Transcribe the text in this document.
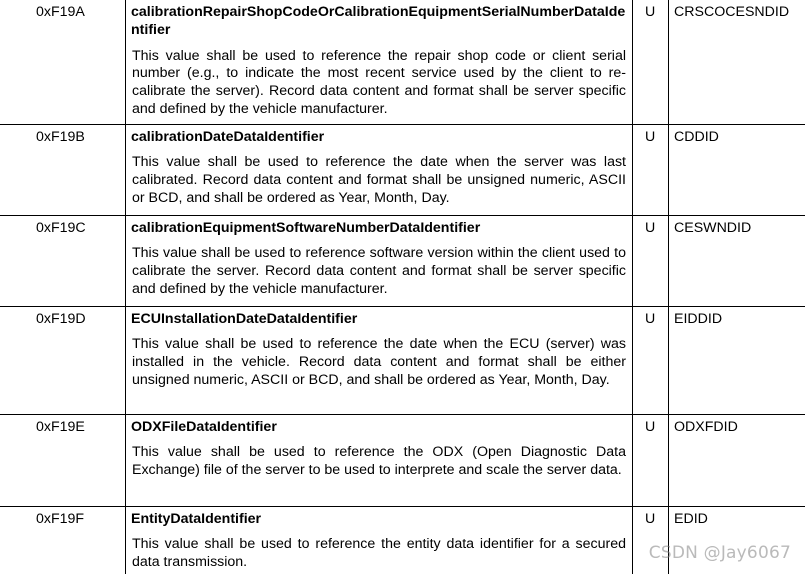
0xF19A	calibrationRepairShopCodeOrCalibrationEquipmentSerialNumberDataIdentifier
This value shall be used to reference the repair shop code or client serial number (e.g., to indicate the most recent service used by the client to re-calibrate the server). Record data content and format shall be server specific and defined by the vehicle manufacturer.	U	CRSCOCESNDID

0xF19B	calibrationDateDataIdentifier
This value shall be used to reference the date when the server was last calibrated. Record data content and format shall be unsigned numeric, ASCII or BCD, and shall be ordered as Year, Month, Day.	U	CDDID

0xF19C	calibrationEquipmentSoftwareNumberDataIdentifier
This value shall be used to reference software version within the client used to calibrate the server. Record data content and format shall be server specific and defined by the vehicle manufacturer.	U	CESWNDID

0xF19D	ECUInstallationDateDataIdentifier
This value shall be used to reference the date when the ECU (server) was installed in the vehicle. Record data content and format shall be either unsigned numeric, ASCII or BCD, and shall be ordered as Year, Month, Day.	U	EIDDID

0xF19E	ODXFileDataIdentifier
This value shall be used to reference the ODX (Open Diagnostic Data Exchange) file of the server to be used to interprete and scale the server data.	U	ODXFDID

0xF19F	EntityDataIdentifier
This value shall be used to reference the entity data identifier for a secured data transmission.	U	EDID
CSDN @Jay6067
